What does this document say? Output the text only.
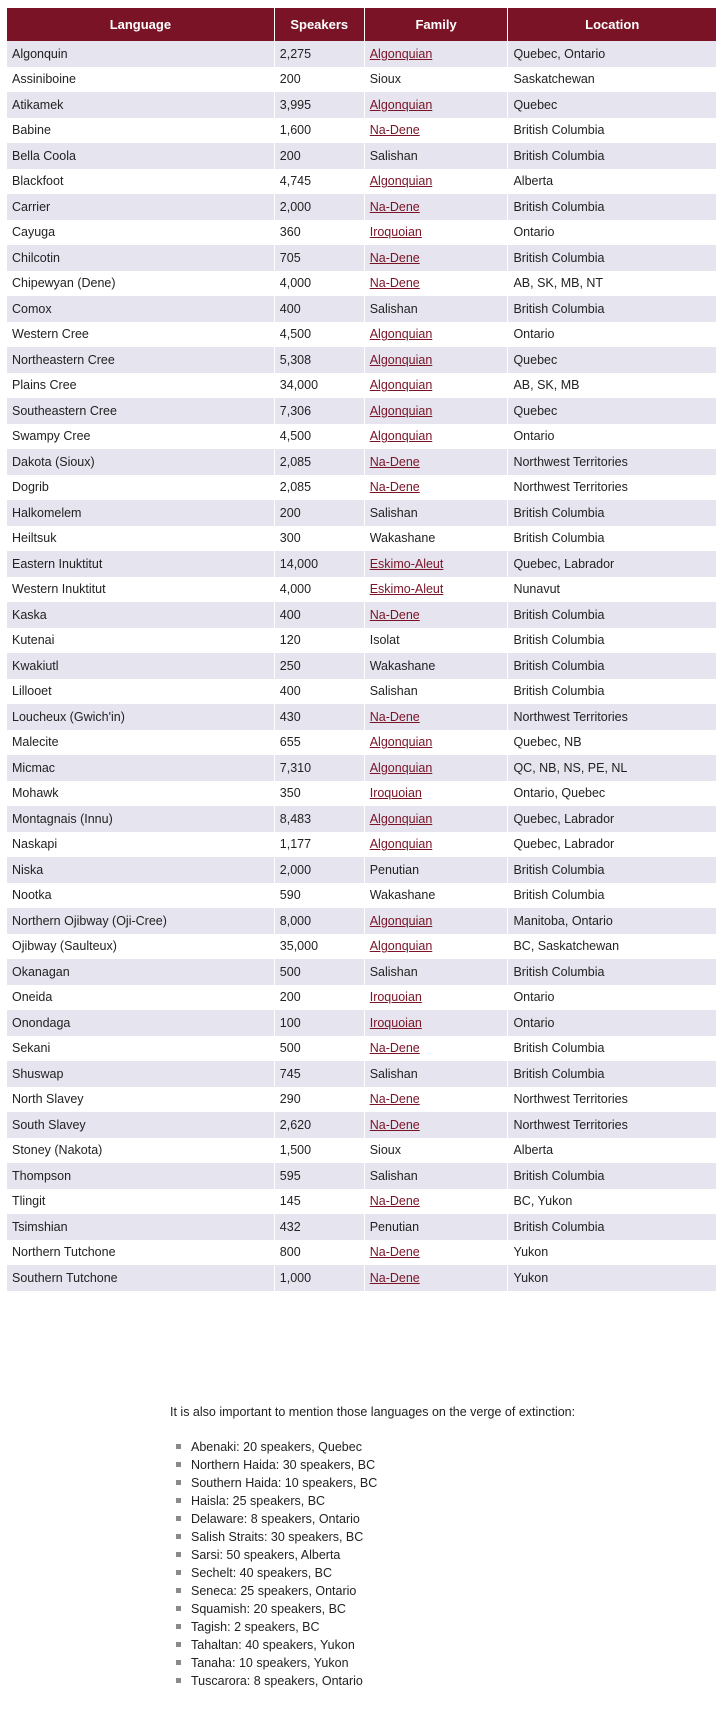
Language	Speakers	Family	Location
Algonquin	2,275	Algonquian	Quebec, Ontario
Assiniboine	200	Sioux	Saskatchewan
Atikamek	3,995	Algonquian	Quebec
Babine	1,600	Na-Dene	British Columbia
Bella Coola	200	Salishan	British Columbia
Blackfoot	4,745	Algonquian	Alberta
Carrier	2,000	Na-Dene	British Columbia
Cayuga	360	Iroquoian	Ontario
Chilcotin	705	Na-Dene	British Columbia
Chipewyan (Dene)	4,000	Na-Dene	AB, SK, MB, NT
Comox	400	Salishan	British Columbia
Western Cree	4,500	Algonquian	Ontario
Northeastern Cree	5,308	Algonquian	Quebec
Plains Cree	34,000	Algonquian	AB, SK, MB
Southeastern Cree	7,306	Algonquian	Quebec
Swampy Cree	4,500	Algonquian	Ontario
Dakota (Sioux)	2,085	Na-Dene	Northwest Territories
Dogrib	2,085	Na-Dene	Northwest Territories
Halkomelem	200	Salishan	British Columbia
Heiltsuk	300	Wakashane	British Columbia
Eastern Inuktitut	14,000	Eskimo-Aleut	Quebec, Labrador
Western Inuktitut	4,000	Eskimo-Aleut	Nunavut
Kaska	400	Na-Dene	British Columbia
Kutenai	120	Isolat	British Columbia
Kwakiutl	250	Wakashane	British Columbia
Lillooet	400	Salishan	British Columbia
Loucheux (Gwich'in)	430	Na-Dene	Northwest Territories
Malecite	655	Algonquian	Quebec, NB
Micmac	7,310	Algonquian	QC, NB, NS, PE, NL
Mohawk	350	Iroquoian	Ontario, Quebec
Montagnais (Innu)	8,483	Algonquian	Quebec, Labrador
Naskapi	1,177	Algonquian	Quebec, Labrador
Niska	2,000	Penutian	British Columbia
Nootka	590	Wakashane	British Columbia
Northern Ojibway (Oji-Cree)	8,000	Algonquian	Manitoba, Ontario
Ojibway (Saulteux)	35,000	Algonquian	BC, Saskatchewan
Okanagan	500	Salishan	British Columbia
Oneida	200	Iroquoian	Ontario
Onondaga	100	Iroquoian	Ontario
Sekani	500	Na-Dene	British Columbia
Shuswap	745	Salishan	British Columbia
North Slavey	290	Na-Dene	Northwest Territories
South Slavey	2,620	Na-Dene	Northwest Territories
Stoney (Nakota)	1,500	Sioux	Alberta
Thompson	595	Salishan	British Columbia
Tlingit	145	Na-Dene	BC, Yukon
Tsimshian	432	Penutian	British Columbia
Northern Tutchone	800	Na-Dene	Yukon
Southern Tutchone	1,000	Na-Dene	Yukon

It is also important to mention those languages on the verge of extinction:

Abenaki: 20 speakers, Quebec
Northern Haida: 30 speakers, BC
Southern Haida: 10 speakers, BC
Haisla: 25 speakers, BC
Delaware: 8 speakers, Ontario
Salish Straits: 30 speakers, BC
Sarsi: 50 speakers, Alberta
Sechelt: 40 speakers, BC
Seneca: 25 speakers, Ontario
Squamish: 20 speakers, BC
Tagish: 2 speakers, BC
Tahaltan: 40 speakers, Yukon
Tanaha: 10 speakers, Yukon
Tuscarora: 8 speakers, Ontario
